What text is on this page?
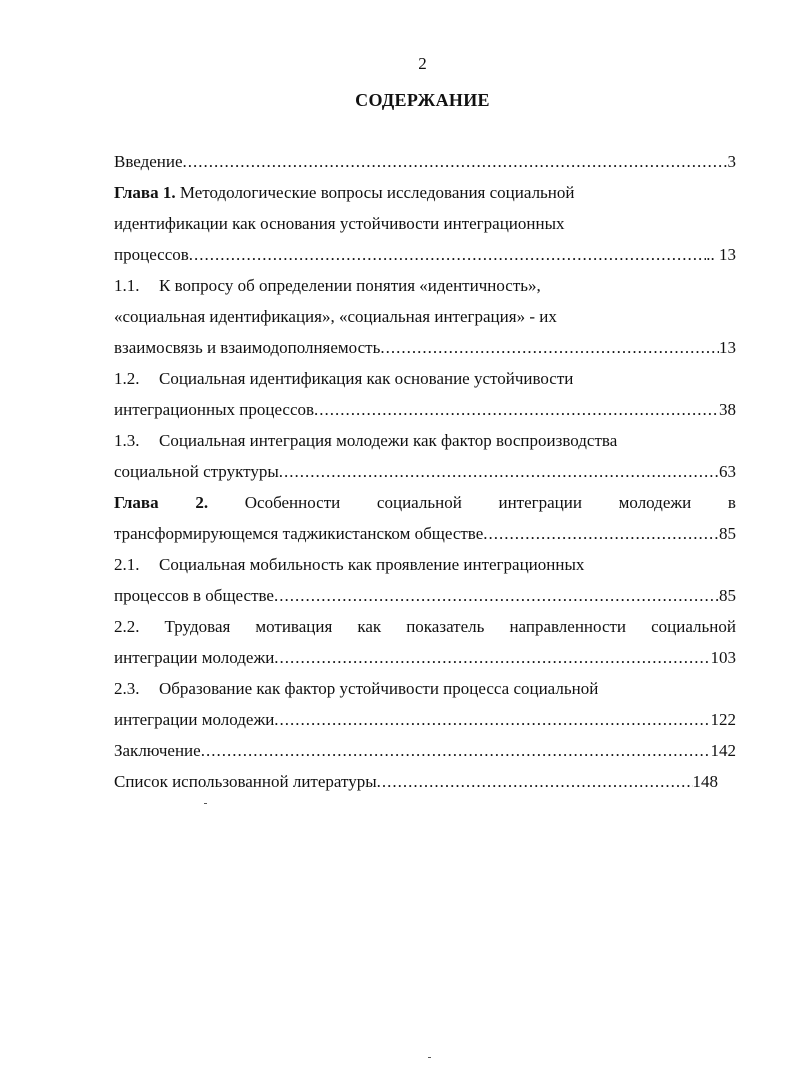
2
СОДЕРЖАНИЕ
Введение .....	3
Глава 1. Методологические вопросы исследования социальной
идентификации как основания устойчивости интеграционных
процессов .....	.. 13
1.1. К вопросу об определении понятия «идентичность»,
«социальная идентификация», «социальная интеграция» - их
взаимосвязь и взаимодополняемость .....	13
1.2. Социальная идентификация как основание устойчивости
интеграционных процессов .....	38
1.3. Социальная интеграция молодежи как фактор воспроизводства
социальной структуры .....	63
Глава 2. Особенности социальной интеграции молодежи в
трансформирующемся таджикистанском обществе .....	85
2.1. Социальная мобильность как проявление интеграционных
процессов в обществе .....	85
2.2. Трудовая мотивация как показатель направленности социальной
интеграции молодежи .....	103
2.3. Образование как фактор устойчивости процесса социальной
интеграции молодежи .....	122
Заключение .....	142
Список использованной литературы .....	148
